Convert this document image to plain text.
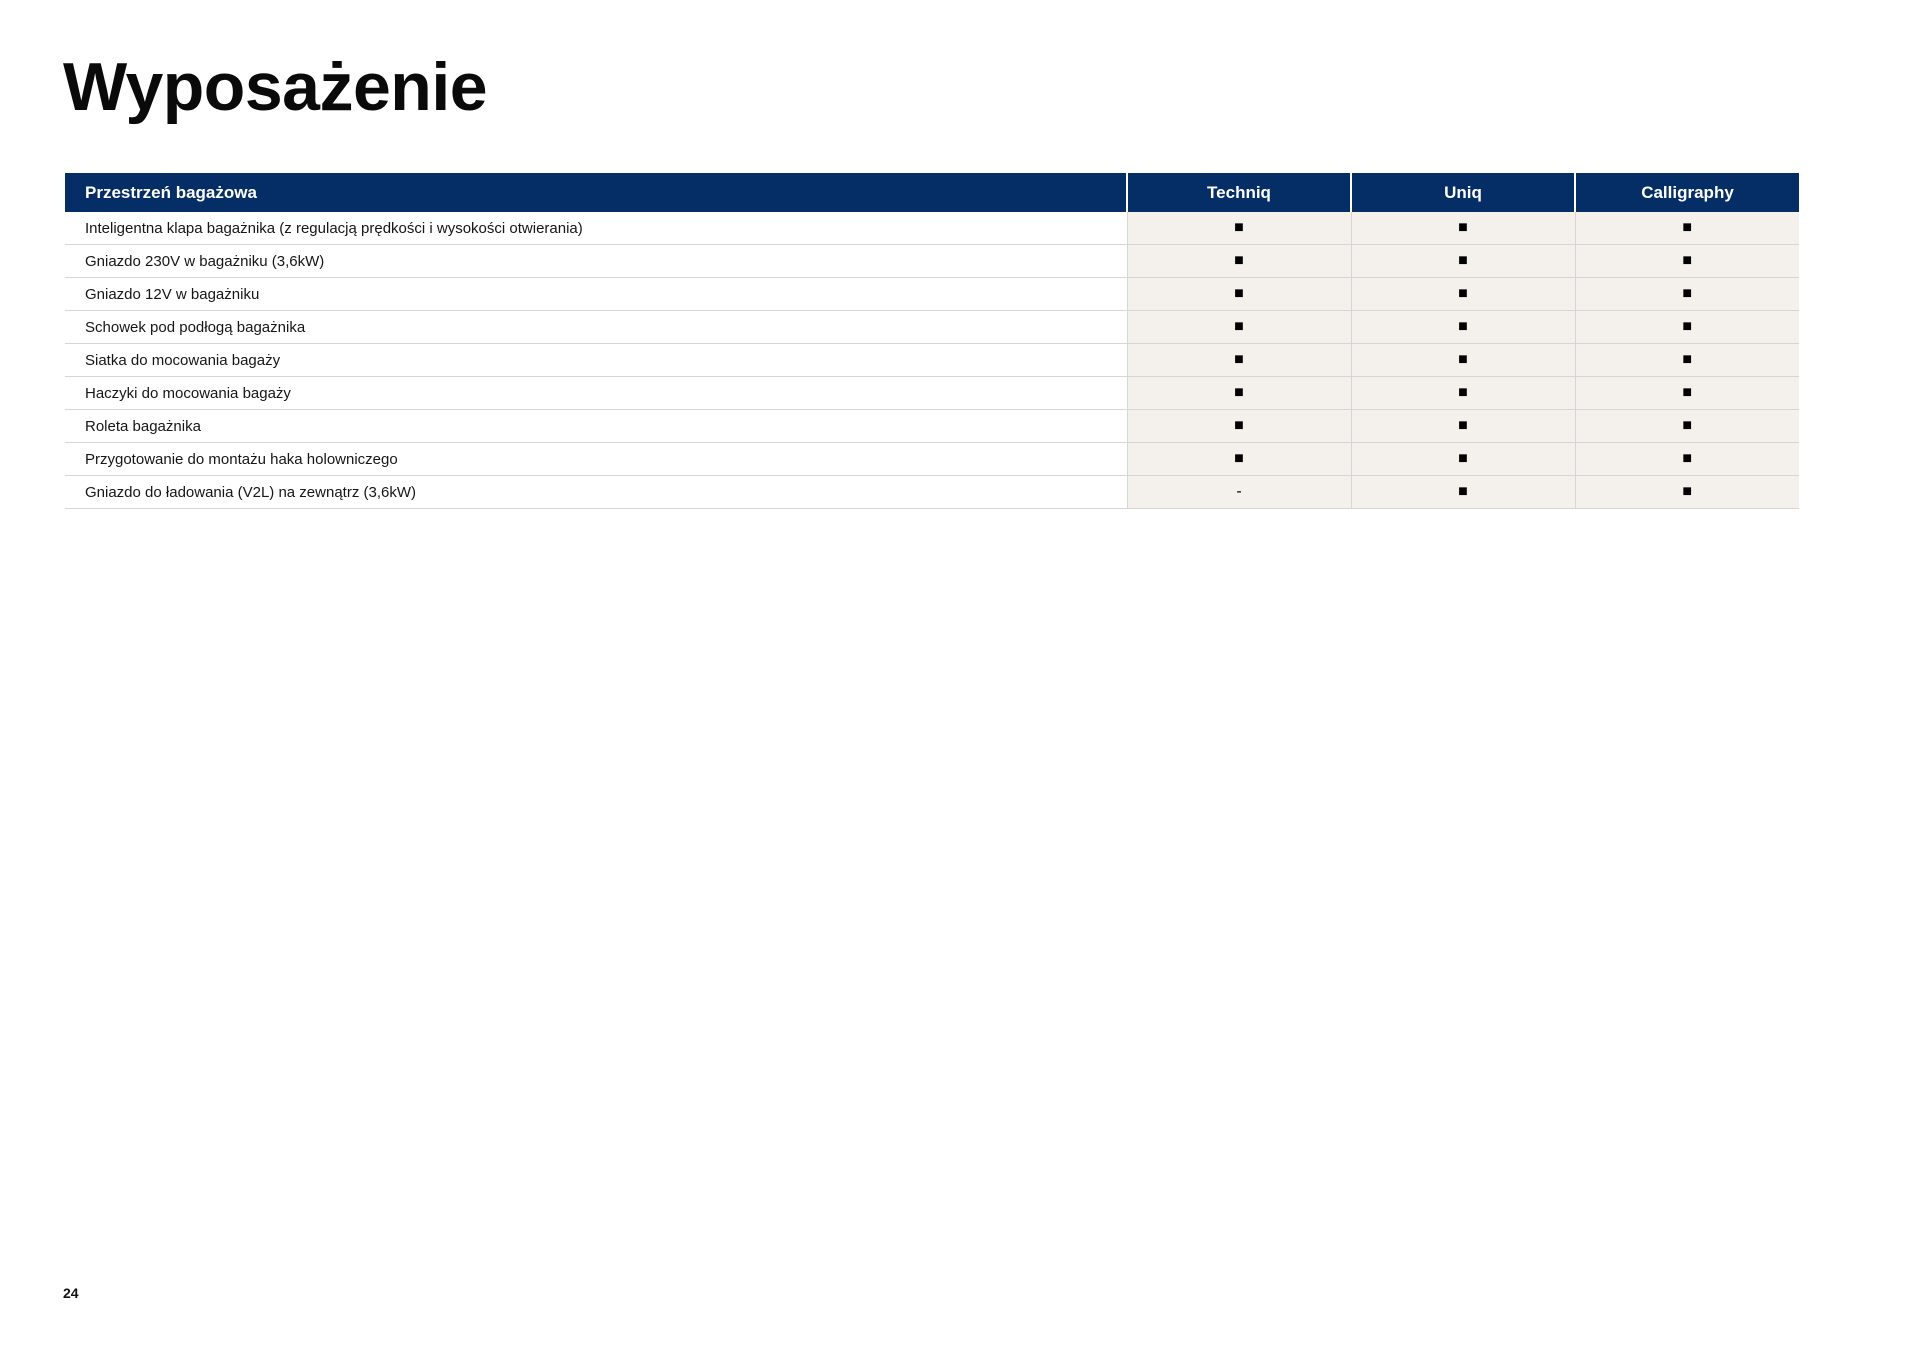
Wyposażenie
Przestrzeń bagażowa	Techniq	Uniq	Calligraphy
Inteligentna klapa bagażnika (z regulacją prędkości i wysokości otwierania)	■	■	■
Gniazdo 230V w bagażniku (3,6kW)	■	■	■
Gniazdo 12V w bagażniku	■	■	■
Schowek pod podłogą bagażnika	■	■	■
Siatka do mocowania bagaży	■	■	■
Haczyki do mocowania bagaży	■	■	■
Roleta bagażnika	■	■	■
Przygotowanie do montażu haka holowniczego	■	■	■
Gniazdo do ładowania (V2L) na zewnątrz (3,6kW)	-	■	■
24
